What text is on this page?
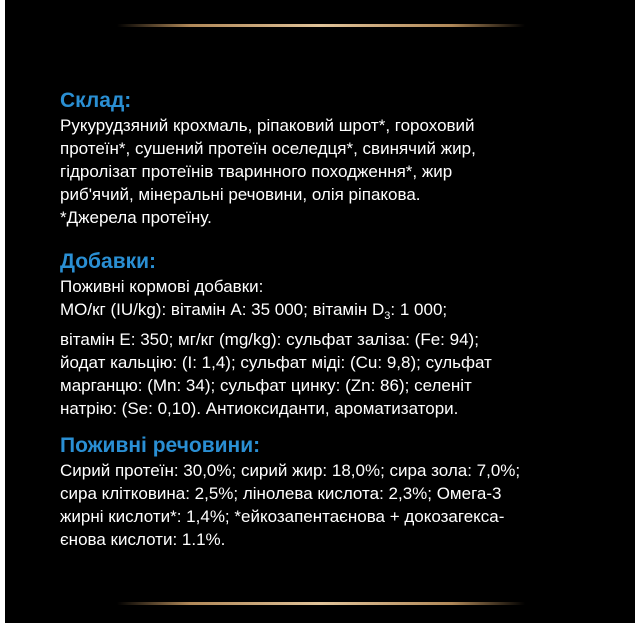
Склад:
Рукурудзяний крохмаль, ріпаковий шрот*, гороховий
протеїн*, сушений протеїн оселедця*, свинячий жир,
гідролізат протеїнів тваринного походження*, жир
риб'ячий, мінеральні речовини, олія ріпакова.
*Джерела протеїну.
Добавки:
Поживні кормові добавки:
МО/кг (IU/kg): вітамін А: 35 000; вітамін $D_3$: 1 000;
вітамін Е: 350; мг/кг (mg/kg): сульфат заліза: (Fe: 94);
йодат кальцію: (I: 1,4); сульфат міді: (Cu: 9,8); сульфат
марганцю: (Mn: 34); сульфат цинку: (Zn: 86); селеніт
натрію: (Se: 0,10). Антиоксиданти, ароматизатори.
Поживні речовини:
Сирий протеїн: 30,0%; сирий жир: 18,0%; сира зола: 7,0%;
сира клітковина: 2,5%; лінолева кислота: 2,3%; Омега-3
жирні кислоти*: 1,4%; *ейкозапентаєнова + докозагекса-
єнова кислоти: 1.1%.
